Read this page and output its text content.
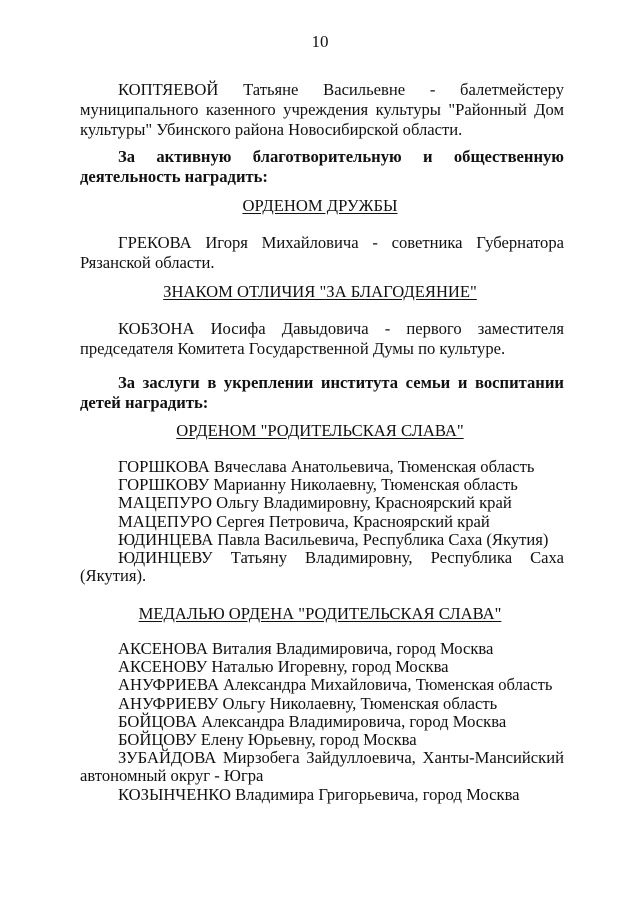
10
КОПТЯЕВОЙ Татьяне Васильевне - балетмейстеру
муниципального казенного учреждения культуры "Районный Дом
культуры" Убинского района Новосибирской области.
За активную благотворительную и общественную
деятельность наградить:
ОРДЕНОМ ДРУЖБЫ
ГРЕКОВА Игоря Михайловича - советника Губернатора
Рязанской области.
ЗНАКОМ ОТЛИЧИЯ "ЗА БЛАГОДЕЯНИЕ"
КОБЗОНА Иосифа Давыдовича - первого заместителя
председателя Комитета Государственной Думы по культуре.
За заслуги в укреплении института семьи и воспитании
детей наградить:
ОРДЕНОМ "РОДИТЕЛЬСКАЯ СЛАВА"
ГОРШКОВА Вячеслава Анатольевича, Тюменская область
ГОРШКОВУ Марианну Николаевну, Тюменская область
МАЦЕПУРО Ольгу Владимировну, Красноярский край
МАЦЕПУРО Сергея Петровича, Красноярский край
ЮДИНЦЕВА Павла Васильевича, Республика Саха (Якутия)
ЮДИНЦЕВУ Татьяну Владимировну, Республика Саха (Якутия).
МЕДАЛЬЮ ОРДЕНА "РОДИТЕЛЬСКАЯ СЛАВА"
АКСЕНОВА Виталия Владимировича, город Москва
АКСЕНОВУ Наталью Игоревну, город Москва
АНУФРИЕВА Александра Михайловича, Тюменская область
АНУФРИЕВУ Ольгу Николаевну, Тюменская область
БОЙЦОВА Александра Владимировича, город Москва
БОЙЦОВУ Елену Юрьевну, город Москва
ЗУБАЙДОВА Мирзобега Зайдуллоевича, Ханты-Мансийский автономный округ - Югра
КОЗЫНЧЕНКО Владимира Григорьевича, город Москва
